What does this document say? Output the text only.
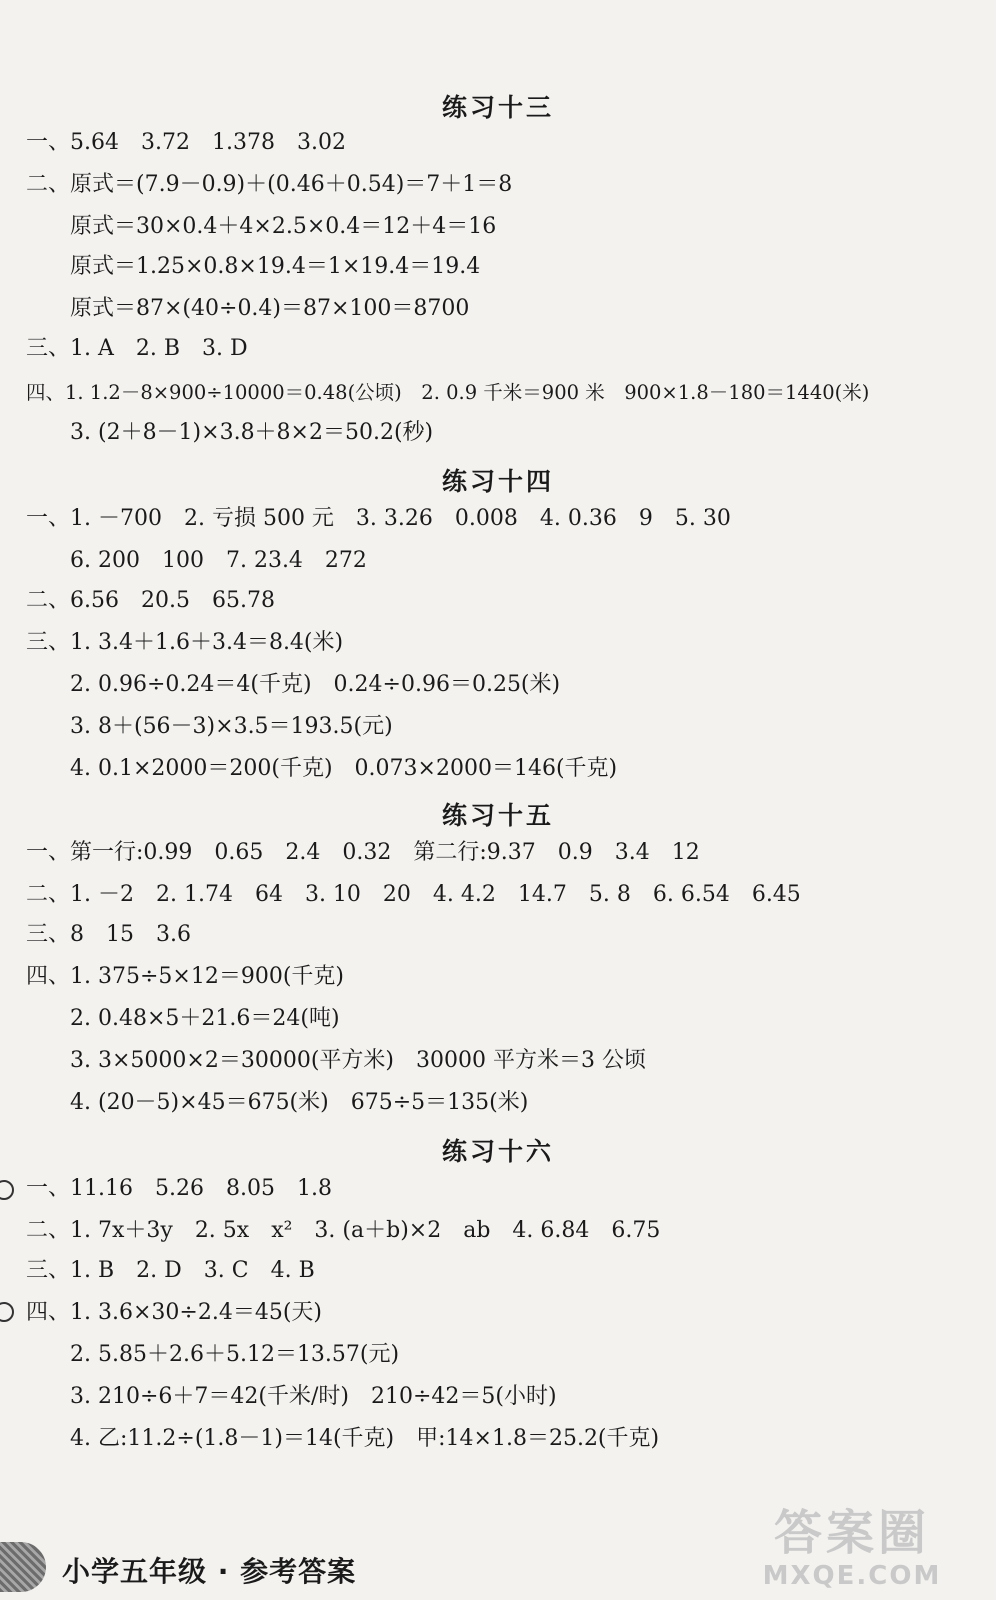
练习十三
一、5.64　3.72　1.378　3.02
二、原式＝(7.9－0.9)＋(0.46＋0.54)＝7＋1＝8
　　原式＝30×0.4＋4×2.5×0.4＝12＋4＝16
　　原式＝1.25×0.8×19.4＝1×19.4＝19.4
　　原式＝87×(40÷0.4)＝87×100＝8700
三、1. A　2. B　3. D
四、1. 1.2－8×900÷10000＝0.48(公顷)　2. 0.9 千米＝900 米　900×1.8－180＝1440(米)
　　3. (2＋8－1)×3.8＋8×2＝50.2(秒)
练习十四
一、1. －700　2. 亏损 500 元　3. 3.26　0.008　4. 0.36　9　5. 30
　　6. 200　100　7. 23.4　272
二、6.56　20.5　65.78
三、1. 3.4＋1.6＋3.4＝8.4(米)
　　2. 0.96÷0.24＝4(千克)　0.24÷0.96＝0.25(米)
　　3. 8＋(56－3)×3.5＝193.5(元)
　　4. 0.1×2000＝200(千克)　0.073×2000＝146(千克)
练习十五
一、第一行:0.99　0.65　2.4　0.32　第二行:9.37　0.9　3.4　12
二、1. －2　2. 1.74　64　3. 10　20　4. 4.2　14.7　5. 8　6. 6.54　6.45
三、8　15　3.6
四、1. 375÷5×12＝900(千克)
　　2. 0.48×5＋21.6＝24(吨)
　　3. 3×5000×2＝30000(平方米)　30000 平方米＝3 公顷
　　4. (20－5)×45＝675(米)　675÷5＝135(米)
练习十六
一、11.16　5.26　8.05　1.8
二、1. 7x＋3y　2. 5x　x²　3. (a＋b)×2　ab　4. 6.84　6.75
三、1. B　2. D　3. C　4. B
四、1. 3.6×30÷2.4＝45(天)
　　2. 5.85＋2.6＋5.12＝13.57(元)
　　3. 210÷6＋7＝42(千米/时)　210÷42＝5(小时)
　　4. 乙:11.2÷(1.8－1)＝14(千克)　甲:14×1.8＝25.2(千克)
小学五年级 · 参考答案
答案圈
MXQE.COM
